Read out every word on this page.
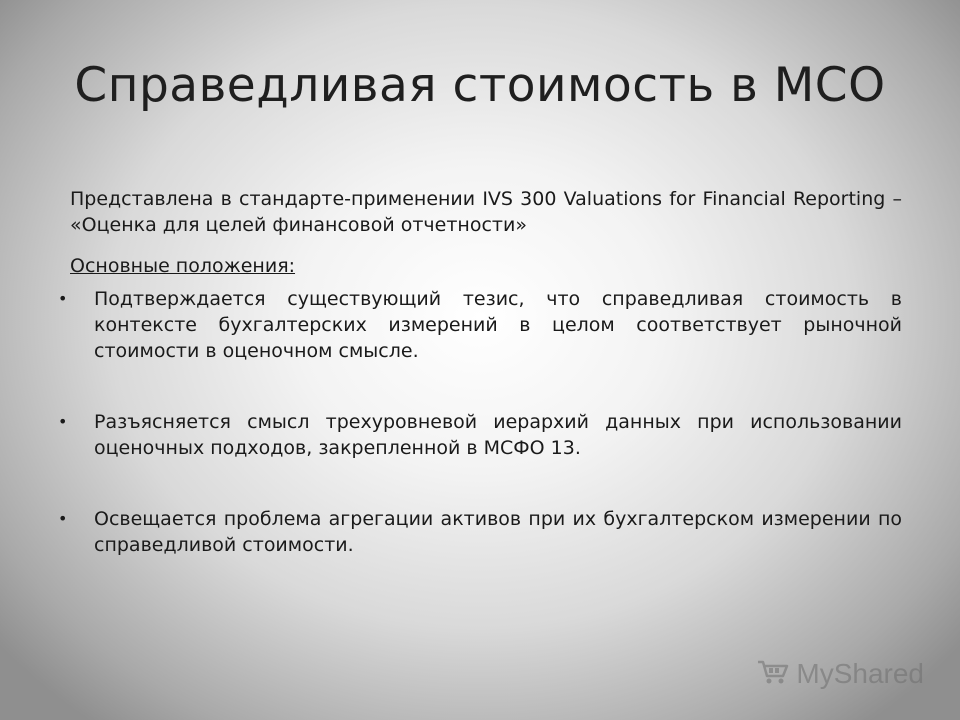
Справедливая стоимость в МСО
Представлена в стандарте-применении IVS 300 Valuations for Financial Reporting – «Оценка для целей финансовой отчетности»
Основные положения:
• Подтверждается существующий тезис, что справедливая стоимость в контексте бухгалтерских измерений в целом соответствует рыночной стоимости в оценочном смысле.
• Разъясняется смысл трехуровневой иерархий данных при использовании оценочных подходов, закрепленной в МСФО 13.
• Освещается проблема агрегации активов при их бухгалтерском измерении по справедливой стоимости.
MyShared
